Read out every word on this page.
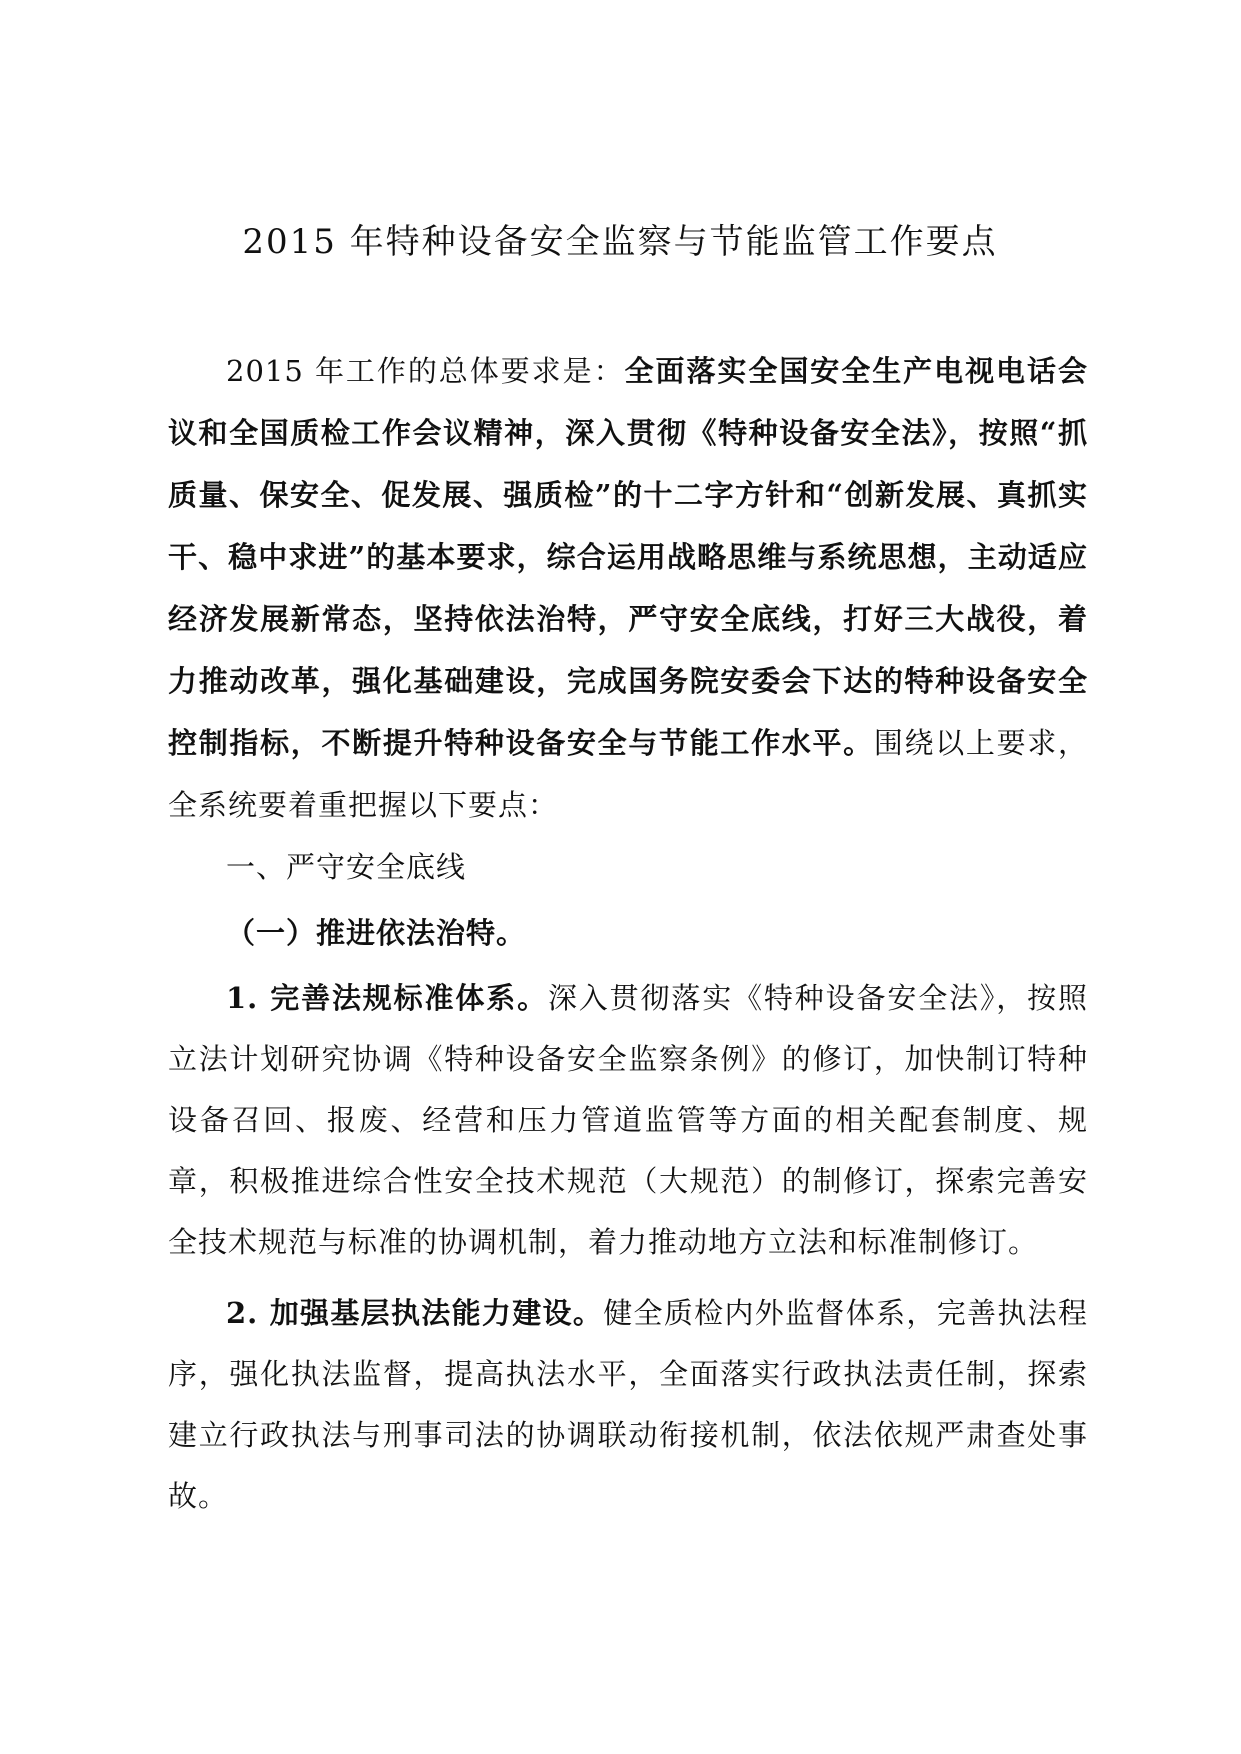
2015 年特种设备安全监察与节能监管工作要点

2015 年工作的总体要求是：全面落实全国安全生产电视电话会议和全国质检工作会议精神，深入贯彻《特种设备安全法》，按照“抓质量、保安全、促发展、强质检”的十二字方针和“创新发展、真抓实干、稳中求进”的基本要求，综合运用战略思维与系统思想，主动适应经济发展新常态，坚持依法治特，严守安全底线，打好三大战役，着力推动改革，强化基础建设，完成国务院安委会下达的特种设备安全控制指标，不断提升特种设备安全与节能工作水平。围绕以上要求，全系统要着重把握以下要点：

一、严守安全底线

（一）推进依法治特。

1. 完善法规标准体系。深入贯彻落实《特种设备安全法》，按照立法计划研究协调《特种设备安全监察条例》的修订，加快制订特种设备召回、报废、经营和压力管道监管等方面的相关配套制度、规章，积极推进综合性安全技术规范（大规范）的制修订，探索完善安全技术规范与标准的协调机制，着力推动地方立法和标准制修订。

2. 加强基层执法能力建设。健全质检内外监督体系，完善执法程序，强化执法监督，提高执法水平，全面落实行政执法责任制，探索建立行政执法与刑事司法的协调联动衔接机制，依法依规严肃查处事故。
